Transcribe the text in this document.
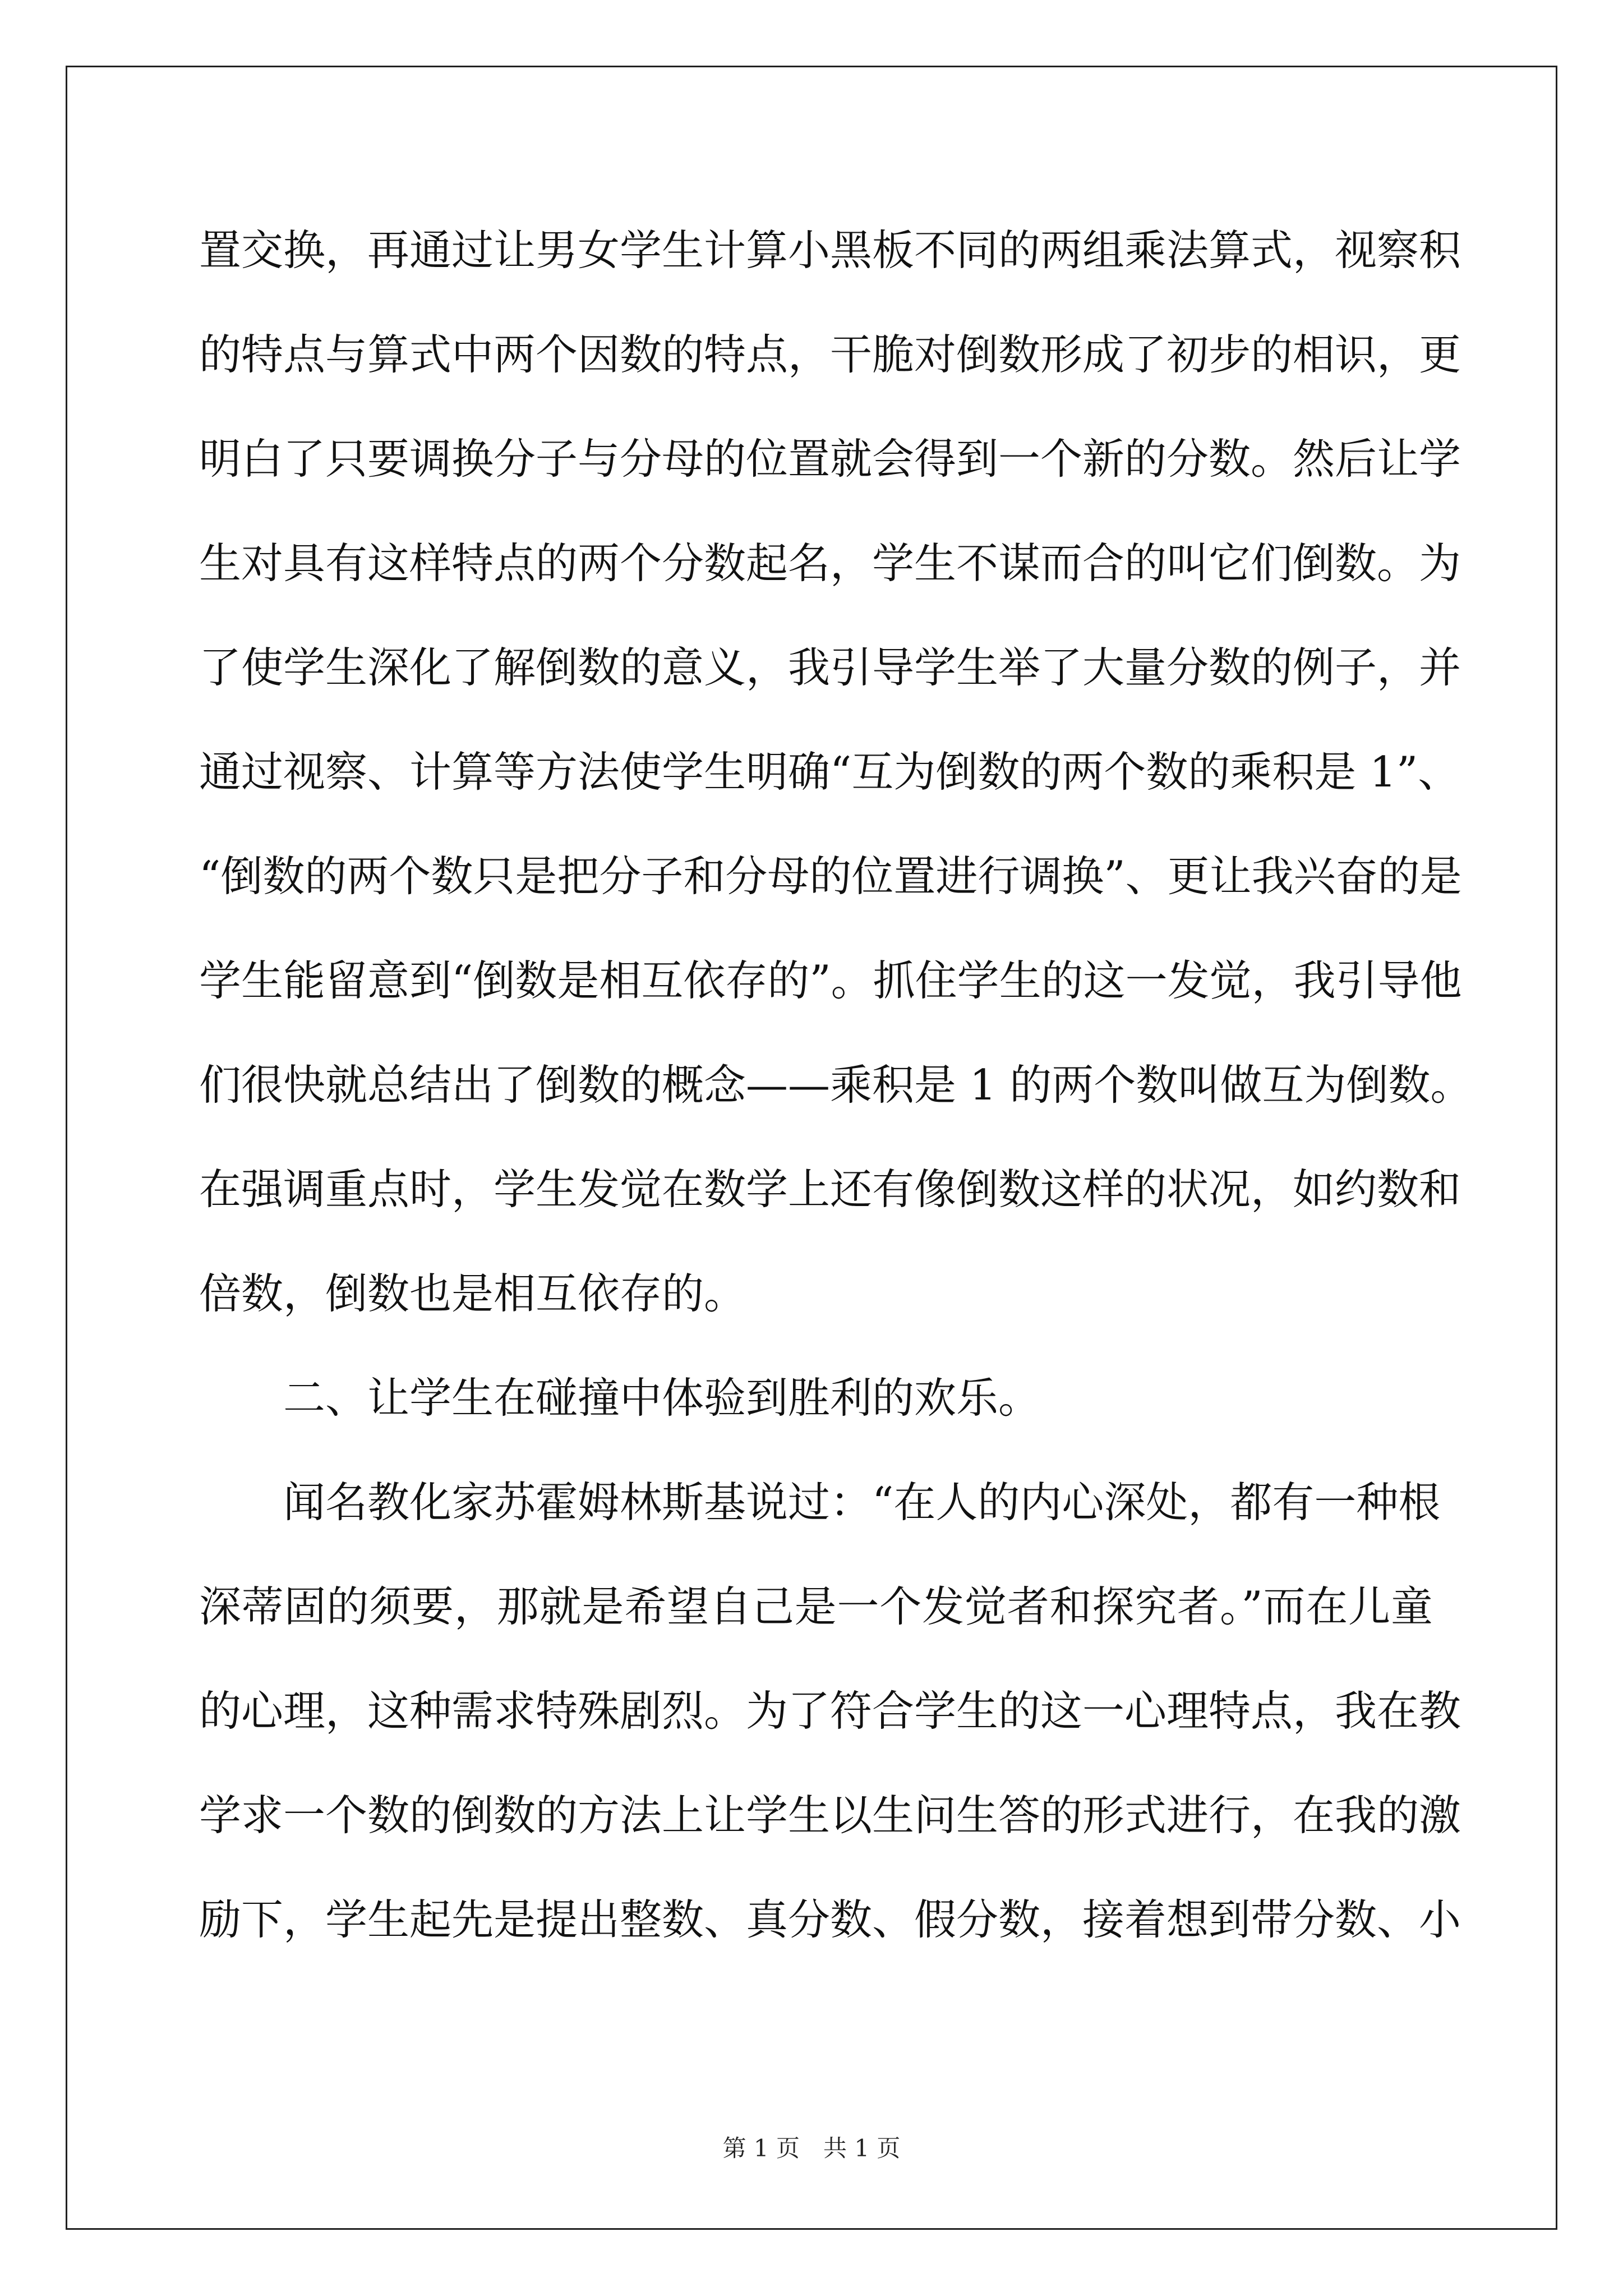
置交换，再通过让男女学生计算小黑板不同的两组乘法算式，视察积
的特点与算式中两个因数的特点，干脆对倒数形成了初步的相识，更
明白了只要调换分子与分母的位置就会得到一个新的分数。然后让学
生对具有这样特点的两个分数起名，学生不谋而合的叫它们倒数。为
了使学生深化了解倒数的意义，我引导学生举了大量分数的例子，并
通过视察、计算等方法使学生明确“互为倒数的两个数的乘积是 1”、
“倒数的两个数只是把分子和分母的位置进行调换”、更让我兴奋的是
学生能留意到“倒数是相互依存的”。抓住学生的这一发觉，我引导他
们很快就总结出了倒数的概念——乘积是 1 的两个数叫做互为倒数。
在强调重点时，学生发觉在数学上还有像倒数这样的状况，如约数和
倍数，倒数也是相互依存的。
二、让学生在碰撞中体验到胜利的欢乐。
闻名教化家苏霍姆林斯基说过：“在人的内心深处，都有一种根
深蒂固的须要，那就是希望自己是一个发觉者和探究者。”而在儿童
的心理，这种需求特殊剧烈。为了符合学生的这一心理特点，我在教
学求一个数的倒数的方法上让学生以生问生答的形式进行，在我的激
励下，学生起先是提出整数、真分数、假分数，接着想到带分数、小
第 1 页　共 1 页
